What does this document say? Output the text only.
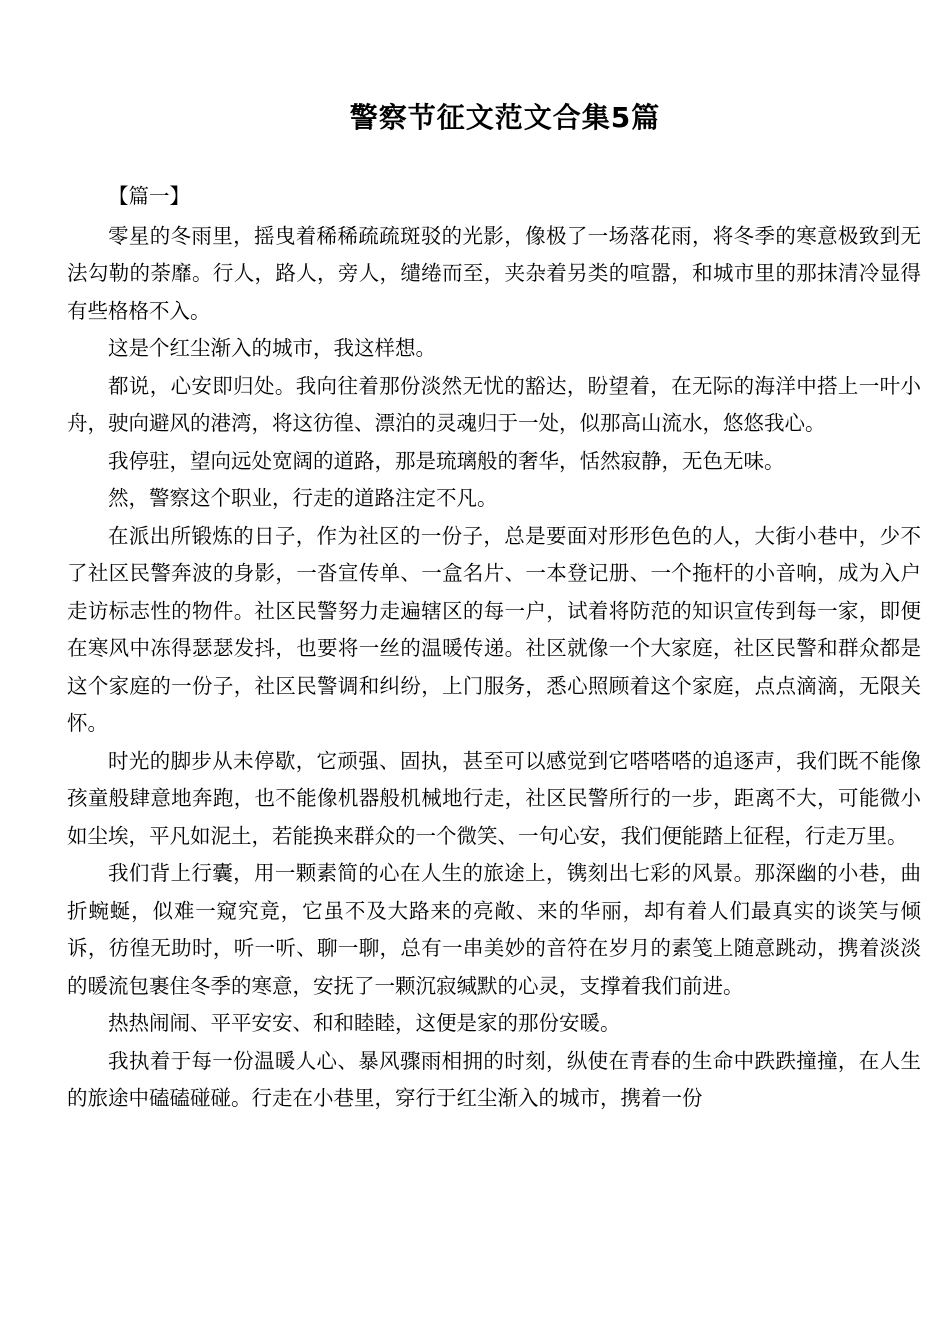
警察节征文范文合集5篇

【篇一】

零星的冬雨里，摇曳着稀稀疏疏斑驳的光影，像极了一场落花雨，将冬季的寒意极致到无法勾勒的荼靡。行人，路人，旁人，缱绻而至，夹杂着另类的喧嚣，和城市里的那抹清冷显得有些格格不入。

这是个红尘渐入的城市，我这样想。

都说，心安即归处。我向往着那份淡然无忧的豁达，盼望着，在无际的海洋中搭上一叶小舟，驶向避风的港湾，将这彷徨、漂泊的灵魂归于一处，似那高山流水，悠悠我心。

我停驻，望向远处宽阔的道路，那是琉璃般的奢华，恬然寂静，无色无味。

然，警察这个职业，行走的道路注定不凡。

在派出所锻炼的日子，作为社区的一份子，总是要面对形形色色的人，大街小巷中，少不了社区民警奔波的身影，一沓宣传单、一盒名片、一本登记册、一个拖杆的小音响，成为入户走访标志性的物件。社区民警努力走遍辖区的每一户，试着将防范的知识宣传到每一家，即便在寒风中冻得瑟瑟发抖，也要将一丝的温暖传递。社区就像一个大家庭，社区民警和群众都是这个家庭的一份子，社区民警调和纠纷，上门服务，悉心照顾着这个家庭，点点滴滴，无限关怀。

时光的脚步从未停歇，它顽强、固执，甚至可以感觉到它嗒嗒嗒的追逐声，我们既不能像孩童般肆意地奔跑，也不能像机器般机械地行走，社区民警所行的一步，距离不大，可能微小如尘埃，平凡如泥土，若能换来群众的一个微笑、一句心安，我们便能踏上征程，行走万里。

我们背上行囊，用一颗素简的心在人生的旅途上，镌刻出七彩的风景。那深幽的小巷，曲折蜿蜒，似难一窥究竟，它虽不及大路来的亮敞、来的华丽，却有着人们最真实的谈笑与倾诉，彷徨无助时，听一听、聊一聊，总有一串美妙的音符在岁月的素笺上随意跳动，携着淡淡的暖流包裹住冬季的寒意，安抚了一颗沉寂缄默的心灵，支撑着我们前进。

热热闹闹、平平安安、和和睦睦，这便是家的那份安暖。

我执着于每一份温暖人心、暴风骤雨相拥的时刻，纵使在青春的生命中跌跌撞撞，在人生的旅途中磕磕碰碰。行走在小巷里，穿行于红尘渐入的城市，携着一份
